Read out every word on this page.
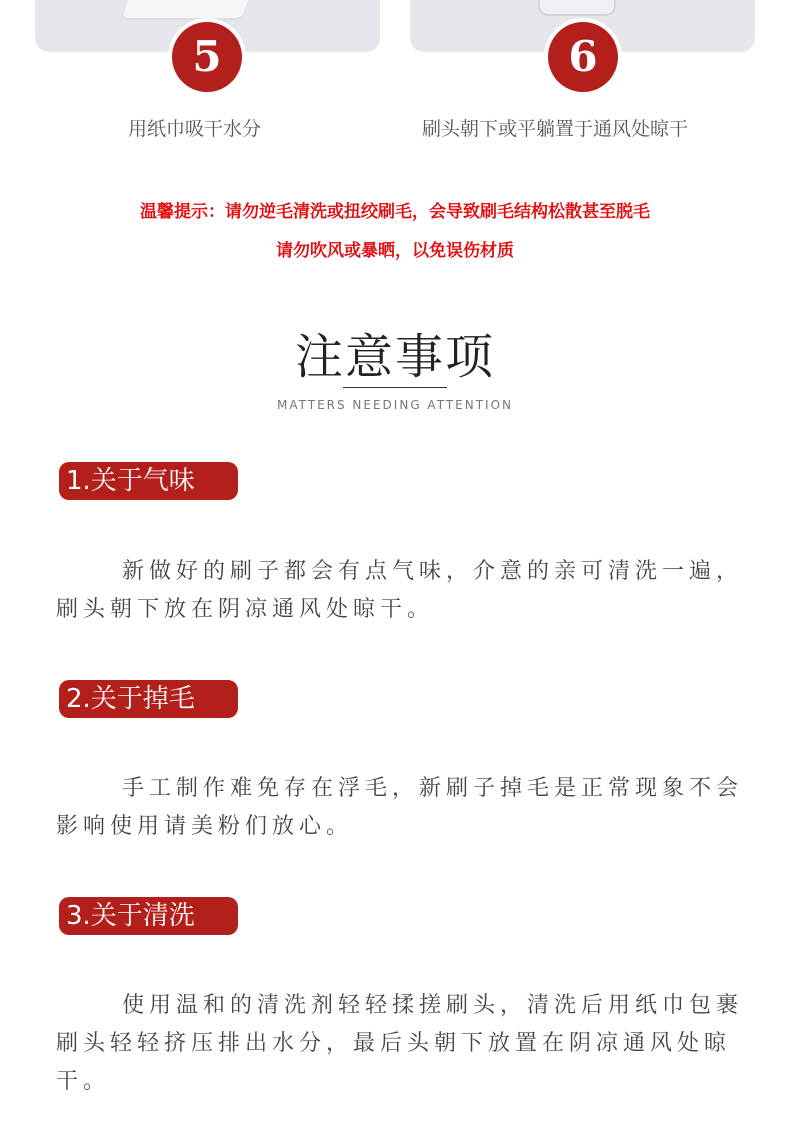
5	6
用纸巾吸干水分	刷头朝下或平躺置于通风处晾干
温馨提示：请勿逆毛清洗或扭绞刷毛，会导致刷毛结构松散甚至脱毛
请勿吹风或暴晒，以免误伤材质
注意事项
MATTERS NEEDING ATTENTION
1.关于气味
新做好的刷子都会有点气味，介意的亲可清洗一遍，刷头朝下放在阴凉通风处晾干。
2.关于掉毛
手工制作难免存在浮毛，新刷子掉毛是正常现象不会影响使用请美粉们放心。
3.关于清洗
使用温和的清洗剂轻轻揉搓刷头，清洗后用纸巾包裹刷头轻轻挤压排出水分，最后头朝下放置在阴凉通风处晾干。
